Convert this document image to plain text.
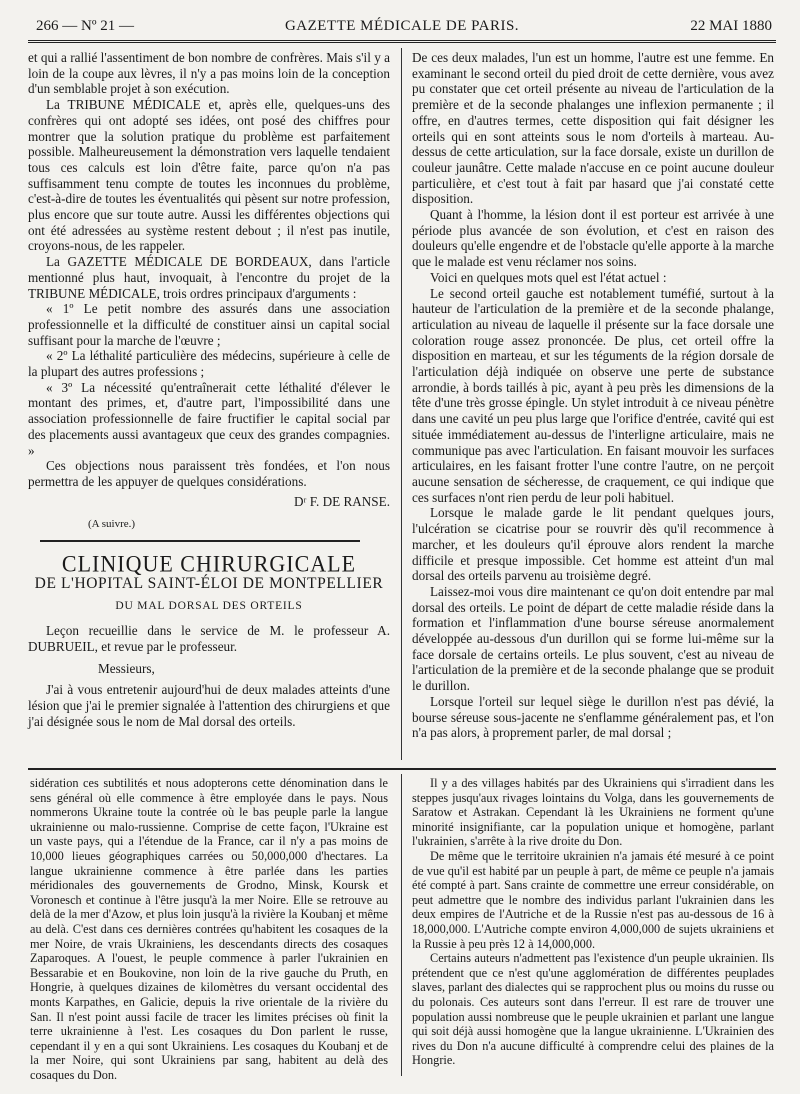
266 — Nº 21 —	GAZETTE MÉDICALE DE PARIS.	22 MAI 1880

et qui a rallié l'assentiment de bon nombre de confrères. Mais s'il y a loin de la coupe aux lèvres, il n'y a pas moins loin de la conception d'un semblable projet à son exécution.

La TRIBUNE MÉDICALE et, après elle, quelques-uns des confrères qui ont adopté ses idées, ont posé des chiffres pour montrer que la solution pratique du problème est parfaitement possible. Malheureusement la démonstration vers laquelle tendaient tous ces calculs est loin d'être faite, parce qu'on n'a pas suffisamment tenu compte de toutes les inconnues du problème, c'est-à-dire de toutes les éventualités qui pèsent sur notre profession, plus encore que sur toute autre. Aussi les différentes objections qui ont été adressées au système restent debout ; il n'est pas inutile, croyons-nous, de les rappeler.

La GAZETTE MÉDICALE DE BORDEAUX, dans l'article mentionné plus haut, invoquait, à l'encontre du projet de la TRIBUNE MÉDICALE, trois ordres principaux d'arguments :

« 1º Le petit nombre des assurés dans une association professionnelle et la difficulté de constituer ainsi un capital social suffisant pour la marche de l'œuvre ;

« 2º La léthalité particulière des médecins, supérieure à celle de la plupart des autres professions ;

« 3º La nécessité qu'entraînerait cette léthalité d'élever le montant des primes, et, d'autre part, l'impossibilité dans une association professionnelle de faire fructifier le capital social par des placements aussi avantageux que ceux des grandes compagnies. »

Ces objections nous paraissent très fondées, et l'on nous permettra de les appuyer de quelques considérations.

Dʳ F. DE RANSE.

(A suivre.)

CLINIQUE CHIRURGICALE
DE L'HOPITAL SAINT-ÉLOI DE MONTPELLIER
DU MAL DORSAL DES ORTEILS

Leçon recueillie dans le service de M. le professeur A. DUBRUEIL, et revue par le professeur.

Messieurs,

J'ai à vous entretenir aujourd'hui de deux malades atteints d'une lésion que j'ai le premier signalée à l'attention des chirurgiens et que j'ai désignée sous le nom de Mal dorsal des orteils.

De ces deux malades, l'un est un homme, l'autre est une femme. En examinant le second orteil du pied droit de cette dernière, vous avez pu constater que cet orteil présente au niveau de l'articulation de la première et de la seconde phalanges une inflexion permanente ; il offre, en d'autres termes, cette disposition qui fait désigner les orteils qui en sont atteints sous le nom d'orteils à marteau. Au-dessus de cette articulation, sur la face dorsale, existe un durillon de couleur jaunâtre. Cette malade n'accuse en ce point aucune douleur particulière, et c'est tout à fait par hasard que j'ai constaté cette disposition.

Quant à l'homme, la lésion dont il est porteur est arrivée à une période plus avancée de son évolution, et c'est en raison des douleurs qu'elle engendre et de l'obstacle qu'elle apporte à la marche que le malade est venu réclamer nos soins.

Voici en quelques mots quel est l'état actuel :

Le second orteil gauche est notablement tuméfié, surtout à la hauteur de l'articulation de la première et de la seconde phalange, articulation au niveau de laquelle il présente sur la face dorsale une coloration rouge assez prononcée. De plus, cet orteil offre la disposition en marteau, et sur les téguments de la région dorsale de l'articulation déjà indiquée on observe une perte de substance arrondie, à bords taillés à pic, ayant à peu près les dimensions de la tête d'une très grosse épingle. Un stylet introduit à ce niveau pénètre dans une cavité un peu plus large que l'orifice d'entrée, cavité qui est située immédiatement au-dessus de l'interligne articulaire, mais ne communique pas avec l'articulation. En faisant mouvoir les surfaces articulaires, en les faisant frotter l'une contre l'autre, on ne perçoit aucune sensation de sécheresse, de craquement, ce qui indique que ces surfaces n'ont rien perdu de leur poli habituel.

Lorsque le malade garde le lit pendant quelques jours, l'ulcération se cicatrise pour se rouvrir dès qu'il recommence à marcher, et les douleurs qu'il éprouve alors rendent la marche difficile et presque impossible. Cet homme est atteint d'un mal dorsal des orteils parvenu au troisième degré.

Laissez-moi vous dire maintenant ce qu'on doit entendre par mal dorsal des orteils. Le point de départ de cette maladie réside dans la formation et l'inflammation d'une bourse séreuse anormalement développée au-dessous d'un durillon qui se forme lui-même sur la face dorsale de certains orteils. Le plus souvent, c'est au niveau de l'articulation de la première et de la seconde phalange que se produit le durillon.

Lorsque l'orteil sur lequel siège le durillon n'est pas dévié, la bourse séreuse sous-jacente ne s'enflamme généralement pas, et l'on n'a pas alors, à proprement parler, de mal dorsal ;

sidération ces subtilités et nous adopterons cette dénomination dans le sens général où elle commence à être employée dans le pays. Nous nommerons Ukraine toute la contrée où le bas peuple parle la langue ukrainienne ou malo-russienne. Comprise de cette façon, l'Ukraine est un vaste pays, qui a l'étendue de la France, car il n'y a pas moins de 10,000 lieues géographiques carrées ou 50,000,000 d'hectares. La langue ukrainienne commence à être parlée dans les parties méridionales des gouvernements de Grodno, Minsk, Koursk et Voronesch et continue à l'être jusqu'à la mer Noire. Elle se retrouve au delà de la mer d'Azow, et plus loin jusqu'à la rivière la Koubanj et même au delà. C'est dans ces dernières contrées qu'habitent les cosaques de la mer Noire, de vrais Ukrainiens, les descendants directs des cosaques Zaparoques. A l'ouest, le peuple commence à parler l'ukrainien en Bessarabie et en Boukovine, non loin de la rive gauche du Pruth, en Hongrie, à quelques dizaines de kilomètres du versant occidental des monts Karpathes, en Galicie, depuis la rive orientale de la rivière du San. Il n'est point aussi facile de tracer les limites précises où finit la terre ukrainienne à l'est. Les cosaques du Don parlent le russe, cependant il y en a qui sont Ukrainiens. Les cosaques du Koubanj et de la mer Noire, qui sont Ukrainiens par sang, habitent au delà des cosaques du Don.

Il y a des villages habités par des Ukrainiens qui s'irradient dans les steppes jusqu'aux rivages lointains du Volga, dans les gouvernements de Saratow et Astrakan. Cependant là les Ukrainiens ne forment qu'une minorité insignifiante, car la population unique et homogène, parlant l'ukrainien, s'arrête à la rive droite du Don.

De même que le territoire ukrainien n'a jamais été mesuré à ce point de vue qu'il est habité par un peuple à part, de même ce peuple n'a jamais été compté à part. Sans crainte de commettre une erreur considérable, on peut admettre que le nombre des individus parlant l'ukrainien dans les deux empires de l'Autriche et de la Russie n'est pas au-dessous de 16 à 18,000,000. L'Autriche compte environ 4,000,000 de sujets ukrainiens et la Russie à peu près 12 à 14,000,000.

Certains auteurs n'admettent pas l'existence d'un peuple ukrainien. Ils prétendent que ce n'est qu'une agglomération de différentes peuplades slaves, parlant des dialectes qui se rapprochent plus ou moins du russe ou du polonais. Ces auteurs sont dans l'erreur. Il est rare de trouver une population aussi nombreuse que le peuple ukrainien et parlant une langue qui soit déjà aussi homogène que la langue ukrainienne. L'Ukrainien des rives du Don n'a aucune difficulté à comprendre celui des plaines de la Hongrie.
